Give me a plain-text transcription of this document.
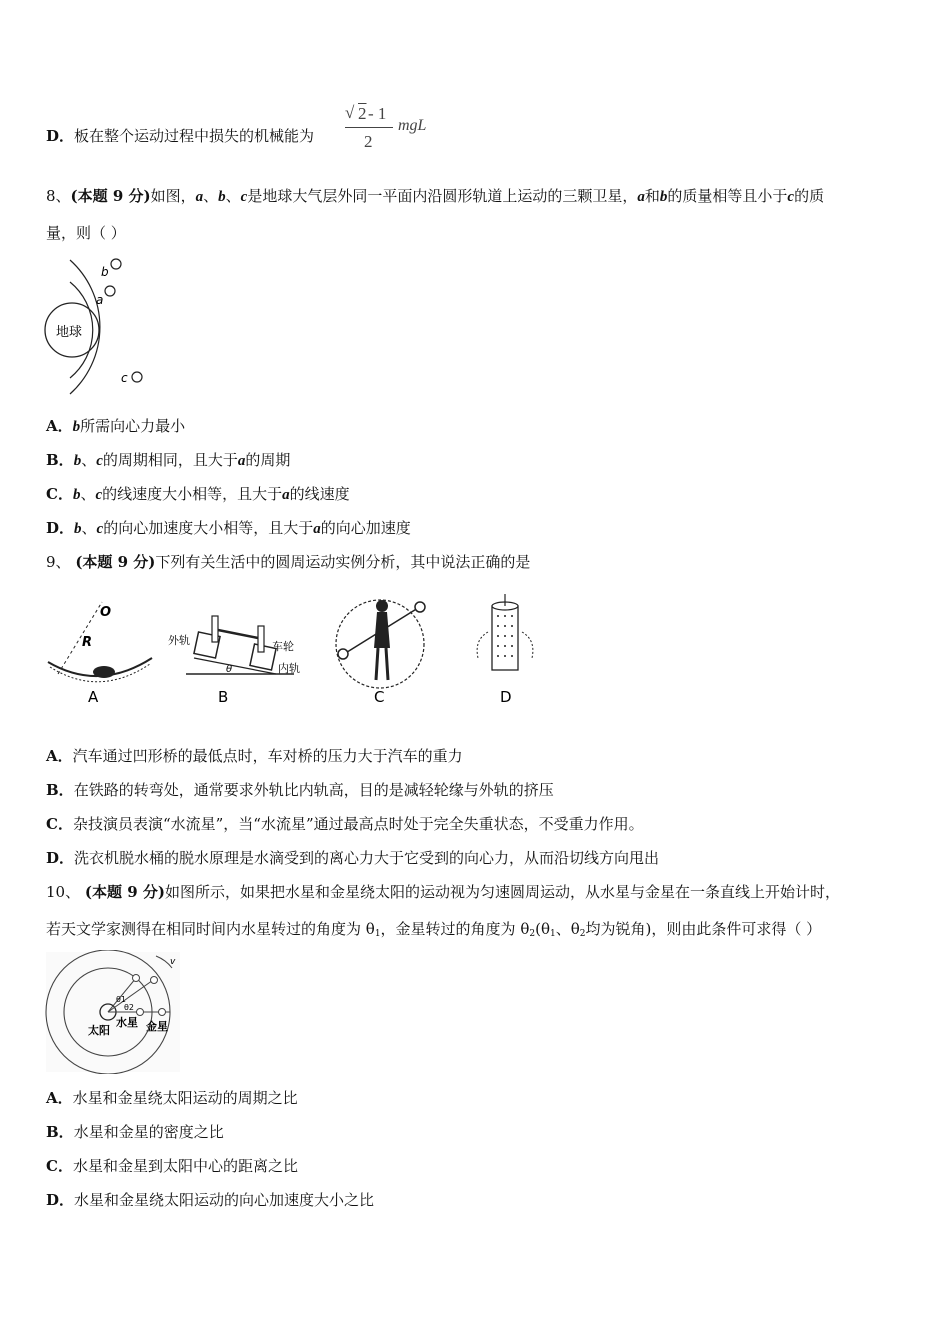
D．板在整个运动过程中损失的机械能为
√ 2 - 1
2
mgL
8、(本题 9 分)如图，a、b、c是地球大气层外同一平面内沿圆形轨道上运动的三颗卫星，a和b的质量相等且小于c的质
量，则（ ）
地球
b
a
c
A．b所需向心力最小
B．b、c的周期相同，且大于a的周期
C．b、c的线速度大小相等，且大于a的线速度
D．b、c的向心加速度大小相等，且大于a的向心加速度
9、 (本题 9 分)下列有关生活中的圆周运动实例分析，其中说法正确的是
O
R
A
外轨	车轮
内轨
θ
B	C	D
A．汽车通过凹形桥的最低点时，车对桥的压力大于汽车的重力
B．在铁路的转弯处，通常要求外轨比内轨高，目的是减轻轮缘与外轨的挤压
C．杂技演员表演“水流星”，当“水流星”通过最高点时处于完全失重状态，不受重力作用。
D．洗衣机脱水桶的脱水原理是水滴受到的离心力大于它受到的向心力，从而沿切线方向甩出
10、 (本题 9 分)如图所示，如果把水星和金星绕太阳的运动视为匀速圆周运动，从水星与金星在一条直线上开始计时，
若天文学家测得在相同时间内水星转过的角度为 $\theta_1$，金星转过的角度为 $\theta_2(\theta_1$、$\theta_2$均为锐角)，则由此条件可求得（ ）
v
θ1
θ2
太阳
水星 金星
A．水星和金星绕太阳运动的周期之比
B．水星和金星的密度之比
C．水星和金星到太阳中心的距离之比
D．水星和金星绕太阳运动的向心加速度大小之比
